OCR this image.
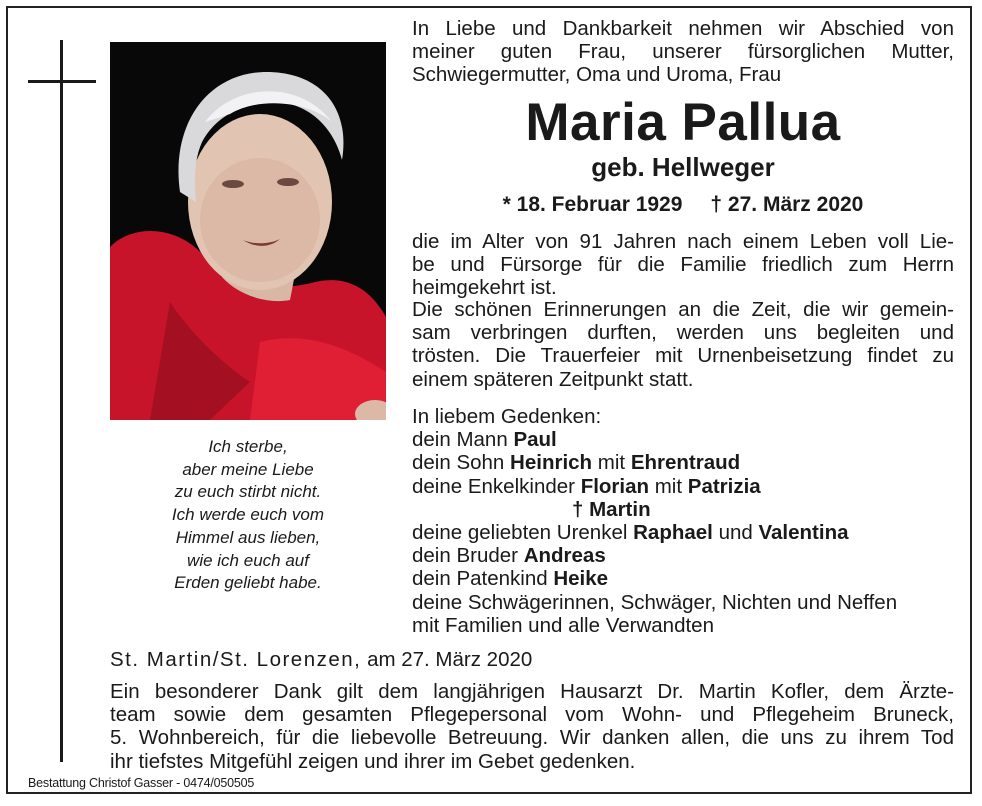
Ich sterbe,
aber meine Liebe
zu euch stirbt nicht.
Ich werde euch vom
Himmel aus lieben,
wie ich euch auf
Erden geliebt habe.
In Liebe und Dankbarkeit nehmen wir Abschied von
meiner guten Frau, unserer fürsorglichen Mutter,
Schwiegermutter, Oma und Uroma, Frau
Maria Pallua
geb. Hellweger
* 18. Februar 1929 † 27. März 2020
die im Alter von 91 Jahren nach einem Leben voll Lie-
be und Fürsorge für die Familie friedlich zum Herrn
heimgekehrt ist.
Die schönen Erinnerungen an die Zeit, die wir gemein-
sam verbringen durften, werden uns begleiten und
trösten. Die Trauerfeier mit Urnenbeisetzung findet zu
einem späteren Zeitpunkt statt.
In liebem Gedenken:
dein Mann Paul
dein Sohn Heinrich mit Ehrentraud
deine Enkelkinder Florian mit Patrizia
† Martin
deine geliebten Urenkel Raphael und Valentina
dein Bruder Andreas
dein Patenkind Heike
deine Schwägerinnen, Schwäger, Nichten und Neffen
mit Familien und alle Verwandten
St. Martin/St. Lorenzen, am 27. März 2020
Ein besonderer Dank gilt dem langjährigen Hausarzt Dr. Martin Kofler, dem Ärzte-
team sowie dem gesamten Pflegepersonal vom Wohn- und Pflegeheim Bruneck,
5. Wohnbereich, für die liebevolle Betreuung. Wir danken allen, die uns zu ihrem Tod
ihr tiefstes Mitgefühl zeigen und ihrer im Gebet gedenken.
Bestattung Christof Gasser - 0474/050505
